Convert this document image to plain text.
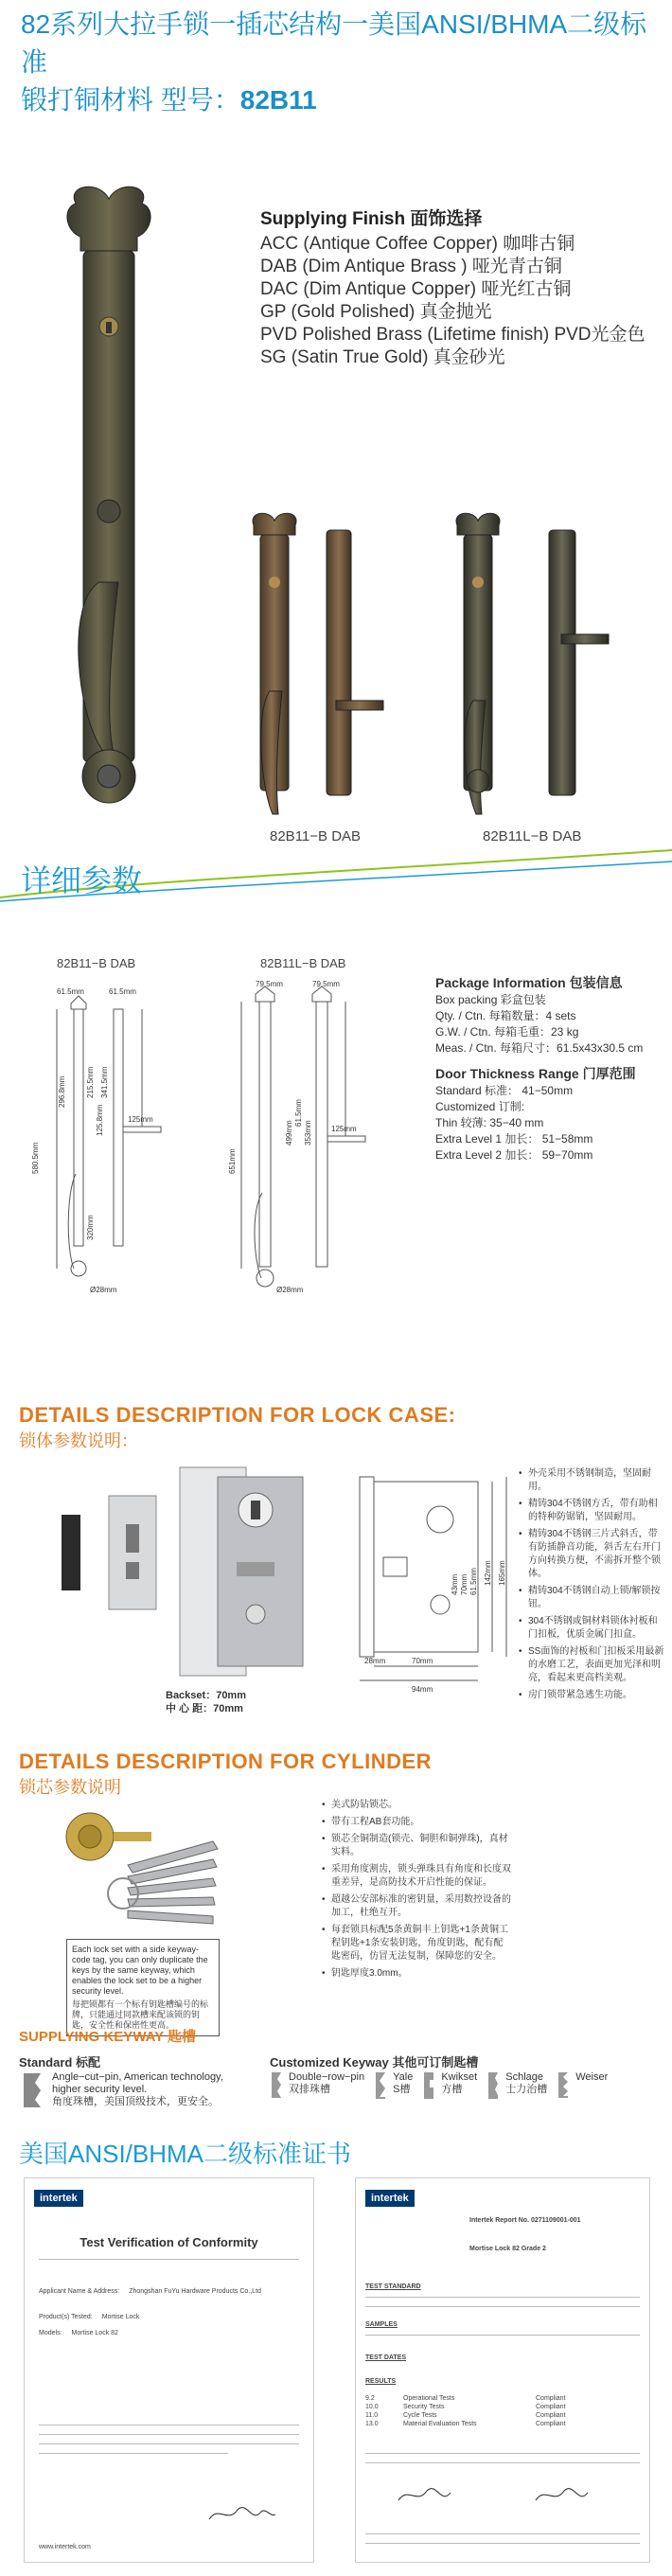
82系列大拉手锁一插芯结构一美国ANSI/BHMA二级标准
锻打铜材料 型号：82B11
Supplying Finish 面饰选择
ACC (Antique Coffee Copper) 咖啡古铜
DAB (Dim Antique Brass ) 哑光青古铜
DAC (Dim Antique Copper) 哑光红古铜
GP (Gold Polished) 真金抛光
PVD Polished Brass (Lifetime finish) PVD光金色
SG (Satin True Gold) 真金砂光
82B11−B DAB	82B11L−B DAB
详细参数
82B11−B DAB	82B11L−B DAB
61.5mm	61.5mm
79.5mm	79.5mm
580.5mm
296.8mm	215.5mm
125.8mm
341.5mm
320mm
125mm
Ø28mm
651mm
499mm
61.5mm
353mm	125mm
Ø28mm
Package Information 包装信息
Box packing 彩盒包装
Qty. / Ctn. 每箱数量：4 sets
G.W. / Ctn. 每箱毛重：23 kg
Meas. / Ctn. 每箱尺寸：61.5x43x30.5 cm
Door Thickness Range 门厚范围
Standard 标准： 41−50mm
Customized 订制:
Thin 较薄: 35−40 mm
Extra Level 1 加长： 51−58mm
Extra Level 2 加长： 59−70mm
DETAILS DESCRIPTION FOR LOCK CASE:
锁体参数说明：
70mm
94mm
28mm
43mm 70mm	165mm
142mm
61.5mm
Backset：70mm
中 心 距：70mm
• 外壳采用不锈钢制造，坚固耐用。
• 精铸304不锈钢方舌，带有助相的特种防锯销，坚固耐用。
• 精铸304不锈钢三片式斜舌，带有防插静音功能，斜舌左右开门方向转换方便，不需拆开整个锁体。
• 精铸304不锈钢自动上锁/解锁按钮。
• 304不锈钢或铜材料锁体衬板和门扣板，优质金属门扣盒。
• SS面饰的衬板和门扣板采用最新的水磨工艺，表面更加光泽和明亮，看起来更高档美观。
• 房门锁带紧急逃生功能。
DETAILS DESCRIPTION FOR CYLINDER
锁芯参数说明
Each lock set with a side keyway-code tag, you can only duplicate the keys by the same keyway, which enables the lock set to be a higher security level.
每把锁都有一个标有钥匙槽编号的标牌，只能通过同款槽来配该锁的钥匙，安全性和保密性更高。
• 美式防钻锁芯。
• 带有工程AB套功能。
• 锁芯全铜制造(锁壳、铜胆和铜弹珠)，真材实料。
• 采用角度割齿，锁头弹珠具有角度和长度双重差异，是高防技术开启性能的保证。
• 超越公安部标准的密钥量，采用数控设备的加工，杜绝互开。
• 每套锁具标配5条黄铜丰上钥匙+1条黄铜工程钥匙+1条安装钥匙，角度钥匙，配有配匙密码，仿冒无法复制，保障您的安全。
• 钥匙厚度3.0mm。
SUPPLYING KEYWAY 匙槽
Standard 标配
Angle−cut−pin, American technology, higher security level.
角度珠槽，美国顶级技术，更安全。
Customized Keyway 其他可订制匙槽
Double−row−pin
双排珠槽
Yale
S槽
Kwikset
方槽
Schlage
士力治槽
Weiser
美国ANSI/BHMA二级标准证书
intertek
Test Verification of Conformity
Applicant Name & Address: Zhongshan FuYu Hardware Products Co.,Ltd
Product(s) Tested: Mortise Lock
Models: Mortise Lock 82
www.intertek.com
intertek
Intertek Report No. 0271109001-001
Mortise Lock 82 Grade 2
TEST STANDARD
SAMPLES
TEST DATES
RESULTS
9.2	Operational Tests	Compliant
10.0	Security Tests	Compliant
11.0	Cycle Tests	Compliant
13.0	Material Evaluation Tests	Compliant
